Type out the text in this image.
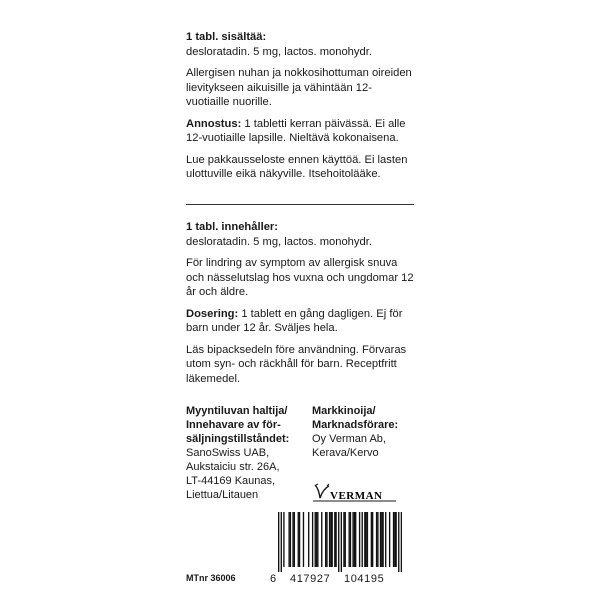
1 tabl. sisältää:

desloratadin. 5 mg, lactos. monohydr.

Allergisen nuhan ja nokkosihottuman oireiden lievitykseen aikuisille ja vähintään 12-vuotiaille nuorille.

Annostus: 1 tabletti kerran päivässä. Ei alle 12-vuotiaille lapsille. Nieltävä kokonaisena.

Lue pakkausseloste ennen käyttöä. Ei lasten ulottuville eikä näkyville. Itsehoitolääke.

1 tabl. innehåller:

desloratadin. 5 mg, lactos. monohydr.

För lindring av symptom av allergisk snuva och nässelutslag hos vuxna och ungdomar 12 år och äldre.

Dosering: 1 tablett en gång dagligen. Ej för barn under 12 år. Sväljes hela.

Läs bipacksedeln före användning. Förvaras utom syn- och räckhåll för barn. Receptfritt läkemedel.

Myyntiluvan haltija/
Innehavare av för-
säljningstillståndet:
SanoSwiss UAB,
Aukstaiciu str. 26A,
LT-44169 Kaunas,
Liettua/Litauen
Markkinoija/
Marknadsförare:
Oy Verman Ab,
Kerava/Kervo
VERMAN
6 417927 104195
MTnr 36006
